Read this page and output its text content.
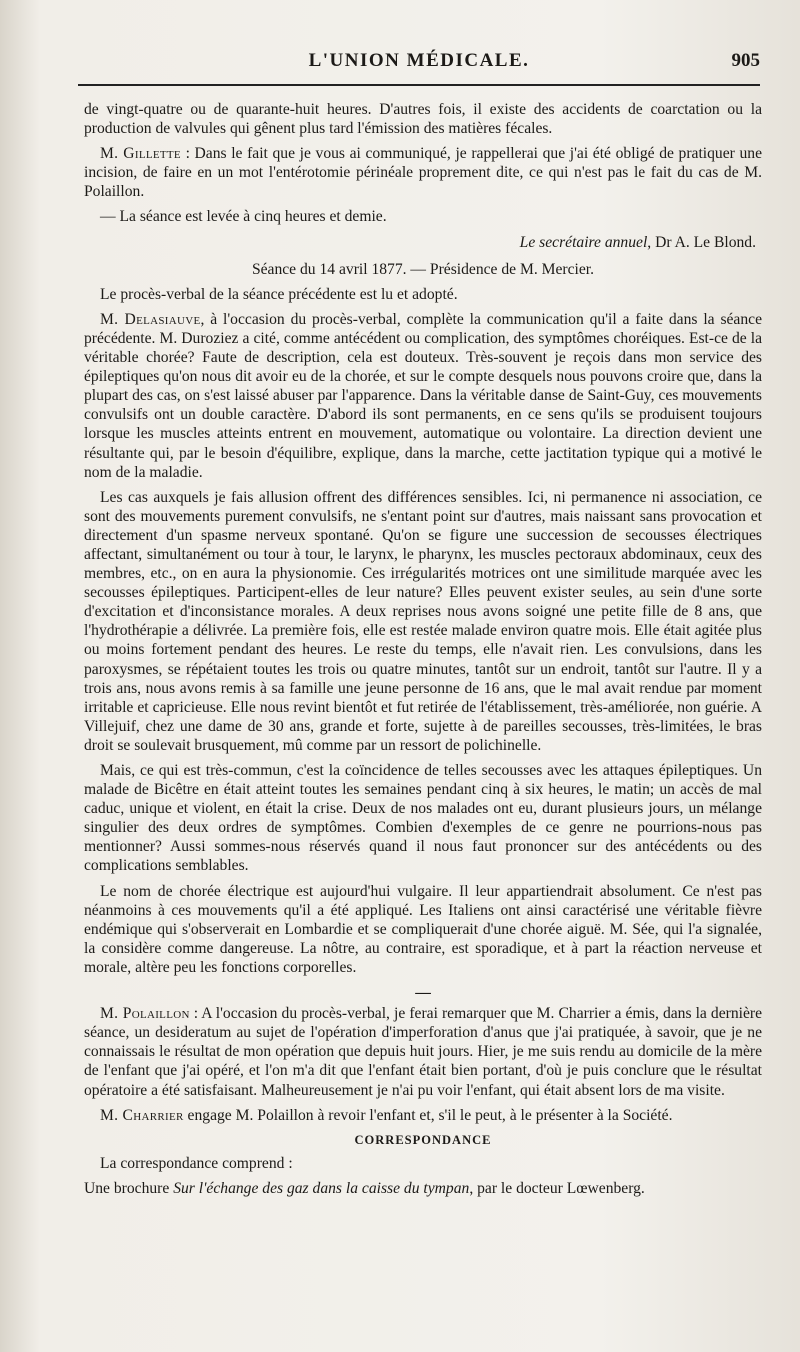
L'UNION MÉDICALE.	905

de vingt-quatre ou de quarante-huit heures. D'autres fois, il existe des accidents de coarctation ou la production de valvules qui gênent plus tard l'émission des matières fécales.

M. Gillette : Dans le fait que je vous ai communiqué, je rappellerai que j'ai été obligé de pratiquer une incision, de faire en un mot l'entérotomie périnéale proprement dite, ce qui n'est pas le fait du cas de M. Polaillon.

— La séance est levée à cinq heures et demie.

Le secrétaire annuel, Dr A. Le Blond.

Séance du 14 avril 1877. — Présidence de M. Mercier.

Le procès-verbal de la séance précédente est lu et adopté.

M. Delasiauve, à l'occasion du procès-verbal, complète la communication qu'il a faite dans la séance précédente. M. Duroziez a cité, comme antécédent ou complication, des symptômes choréiques. Est-ce de la véritable chorée? Faute de description, cela est douteux. Très-souvent je reçois dans mon service des épileptiques qu'on nous dit avoir eu de la chorée, et sur le compte desquels nous pouvons croire que, dans la plupart des cas, on s'est laissé abuser par l'apparence. Dans la véritable danse de Saint-Guy, ces mouvements convulsifs ont un double caractère. D'abord ils sont permanents, en ce sens qu'ils se produisent toujours lorsque les muscles atteints entrent en mouvement, automatique ou volontaire. La direction devient une résultante qui, par le besoin d'équilibre, explique, dans la marche, cette jactitation typique qui a motivé le nom de la maladie.

Les cas auxquels je fais allusion offrent des différences sensibles. Ici, ni permanence ni association, ce sont des mouvements purement convulsifs, ne s'entant point sur d'autres, mais naissant sans provocation et directement d'un spasme nerveux spontané. Qu'on se figure une succession de secousses électriques affectant, simultanément ou tour à tour, le larynx, le pharynx, les muscles pectoraux abdominaux, ceux des membres, etc., on en aura la physionomie. Ces irrégularités motrices ont une similitude marquée avec les secousses épileptiques. Participent-elles de leur nature? Elles peuvent exister seules, au sein d'une sorte d'excitation et d'inconsistance morales. A deux reprises nous avons soigné une petite fille de 8 ans, que l'hydrothérapie a délivrée. La première fois, elle est restée malade environ quatre mois. Elle était agitée plus ou moins fortement pendant des heures. Le reste du temps, elle n'avait rien. Les convulsions, dans les paroxysmes, se répétaient toutes les trois ou quatre minutes, tantôt sur un endroit, tantôt sur l'autre. Il y a trois ans, nous avons remis à sa famille une jeune personne de 16 ans, que le mal avait rendue par moment irritable et capricieuse. Elle nous revint bientôt et fut retirée de l'établissement, très-améliorée, non guérie. A Villejuif, chez une dame de 30 ans, grande et forte, sujette à de pareilles secousses, très-limitées, le bras droit se soulevait brusquement, mû comme par un ressort de polichinelle.

Mais, ce qui est très-commun, c'est la coïncidence de telles secousses avec les attaques épileptiques. Un malade de Bicêtre en était atteint toutes les semaines pendant cinq à six heures, le matin; un accès de mal caduc, unique et violent, en était la crise. Deux de nos malades ont eu, durant plusieurs jours, un mélange singulier des deux ordres de symptômes. Combien d'exemples de ce genre ne pourrions-nous pas mentionner? Aussi sommes-nous réservés quand il nous faut prononcer sur des antécédents ou des complications semblables.

Le nom de chorée électrique est aujourd'hui vulgaire. Il leur appartiendrait absolument. Ce n'est pas néanmoins à ces mouvements qu'il a été appliqué. Les Italiens ont ainsi caractérisé une véritable fièvre endémique qui s'observerait en Lombardie et se compliquerait d'une chorée aiguë. M. Sée, qui l'a signalée, la considère comme dangereuse. La nôtre, au contraire, est sporadique, et à part la réaction nerveuse et morale, altère peu les fonctions corporelles.

—

M. Polaillon : A l'occasion du procès-verbal, je ferai remarquer que M. Charrier a émis, dans la dernière séance, un desideratum au sujet de l'opération d'imperforation d'anus que j'ai pratiquée, à savoir, que je ne connaissais le résultat de mon opération que depuis huit jours. Hier, je me suis rendu au domicile de la mère de l'enfant que j'ai opéré, et l'on m'a dit que l'enfant était bien portant, d'où je puis conclure que le résultat opératoire a été satisfaisant. Malheureusement je n'ai pu voir l'enfant, qui était absent lors de ma visite.

M. Charrier engage M. Polaillon à revoir l'enfant et, s'il le peut, à le présenter à la Société.

CORRESPONDANCE

La correspondance comprend :

Une brochure Sur l'échange des gaz dans la caisse du tympan, par le docteur Lœwenberg.
